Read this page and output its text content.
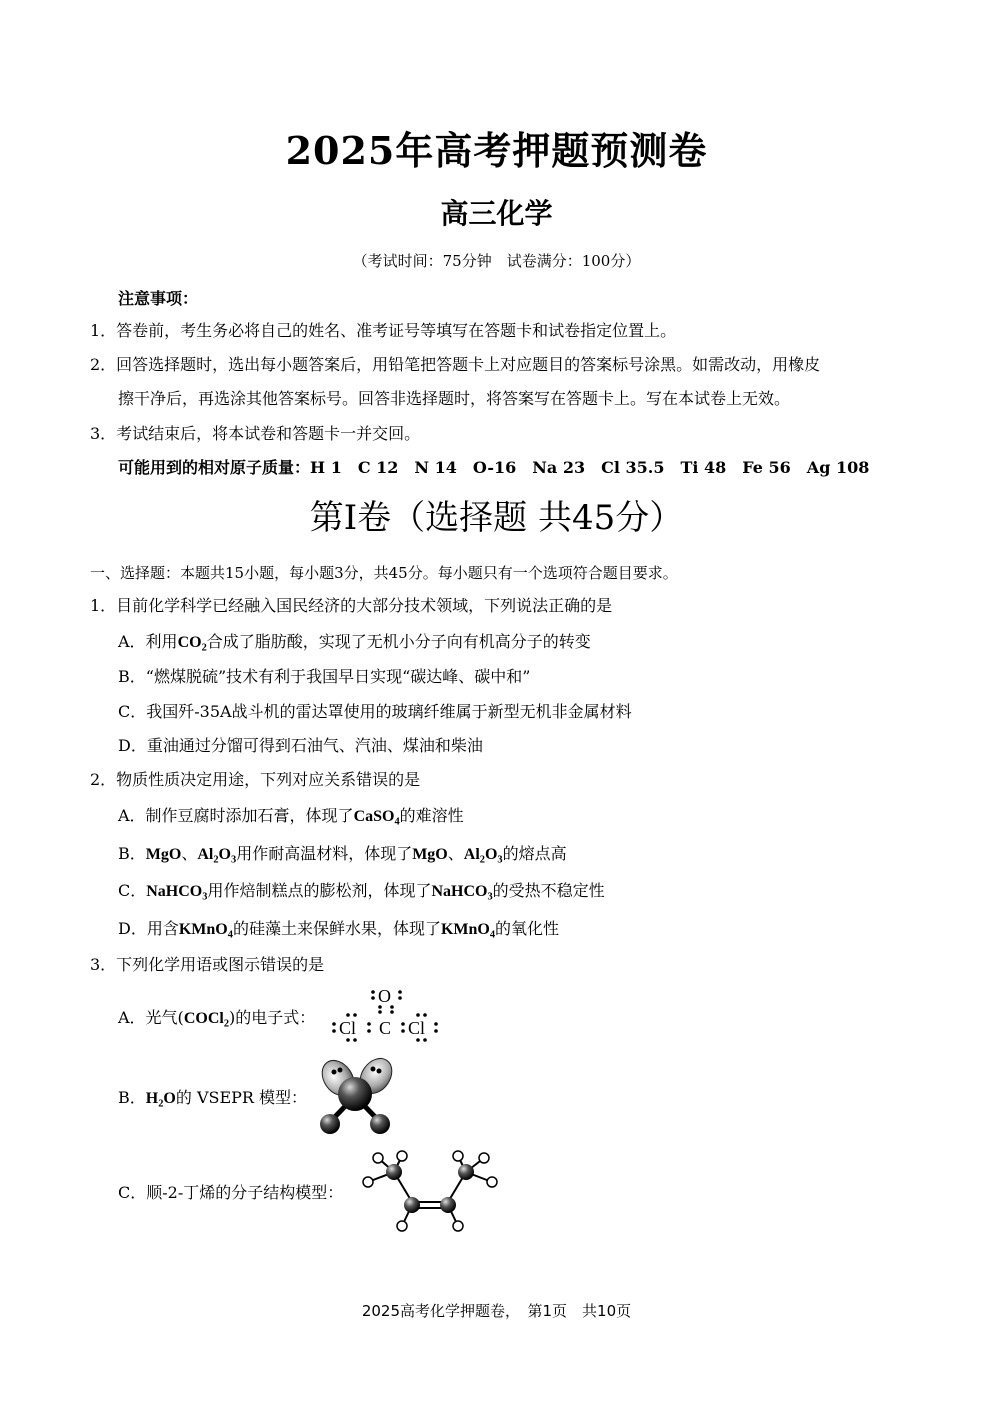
2025年高考押题预测卷
高三化学
（考试时间：75分钟　试卷满分：100分）
注意事项：
1．答卷前，考生务必将自己的姓名、准考证号等填写在答题卡和试卷指定位置上。
2．回答选择题时，选出每小题答案后，用铅笔把答题卡上对应题目的答案标号涂黑。如需改动，用橡皮
擦干净后，再选涂其他答案标号。回答非选择题时，将答案写在答题卡上。写在本试卷上无效。
3．考试结束后，将本试卷和答题卡一并交回。
可能用到的相对原子质量：H 1　C 12　N 14　O-16　Na 23　Cl 35.5　Ti 48　Fe 56　Ag 108
第I卷（选择题 共45分）
一、选择题：本题共15小题，每小题3分，共45分。每小题只有一个选项符合题目要求。
1．目前化学科学已经融入国民经济的大部分技术领域，下列说法正确的是
A．利用$CO_2$合成了脂肪酸，实现了无机小分子向有机高分子的转变
B．“燃煤脱硫”技术有利于我国早日实现“碳达峰、碳中和”
C．我国歼-35A战斗机的雷达罩使用的玻璃纤维属于新型无机非金属材料
D．重油通过分馏可得到石油气、汽油、煤油和柴油
2．物质性质决定用途，下列对应关系错误的是
A．制作豆腐时添加石膏，体现了CaSO$_4$的难溶性
B．MgO、$Al_2O_3$用作耐高温材料，体现了MgO、$Al_2O_3$的熔点高
C．NaHCO$_3$用作焙制糕点的膨松剂，体现了NaHCO$_3$的受热不稳定性
D．用含KMnO$_4$的硅藻土来保鲜水果，体现了KMnO$_4$的氧化性
3．下列化学用语或图示错误的是
A．光气(COCl$_2$)的电子式：
O
C
Cl	Cl
B．$H_2O$的 VSEPR 模型：
C．顺-2-丁烯的分子结构模型：
2025高考化学押题卷，　第1页　共10页
